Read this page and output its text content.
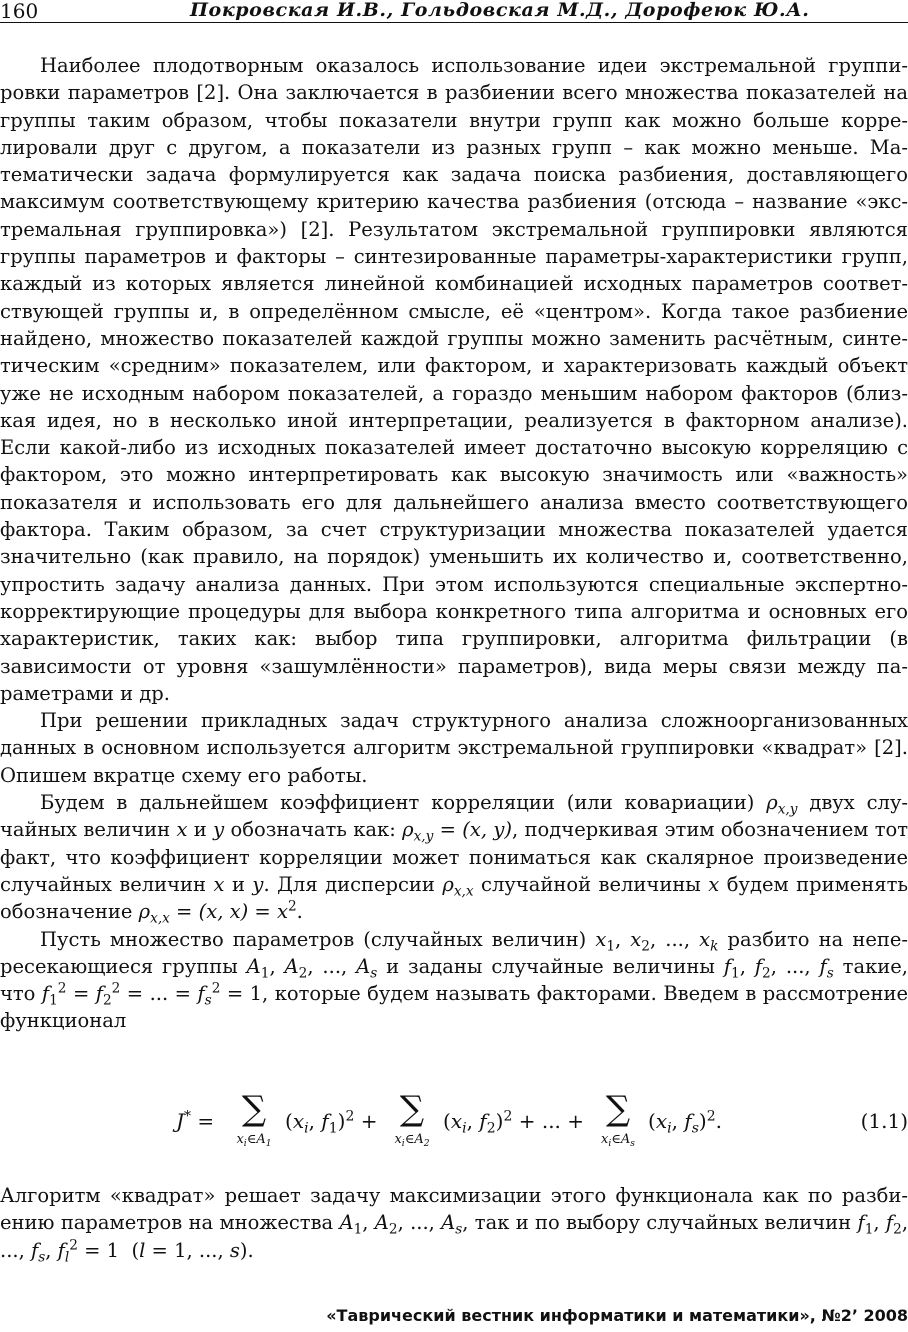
160	Покровская И.В., Гольдовская М.Д., Дорофеюк Ю.А.

Наиболее плодотворным оказалось использование идеи экстремальной группировки параметров [2]. Она заключается в разбиении всего множества показателей на группы таким образом, чтобы показатели внутри групп как можно больше коррелировали друг с другом, а показатели из разных групп – как можно меньше. Математически задача формулируется как задача поиска разбиения, доставляющего максимум соответствующему критерию качества разбиения (отсюда – название «экстремальная группировка») [2]. Результатом экстремальной группировки являются группы параметров и факторы – синтезированные параметры-характеристики групп, каждый из которых является линейной комбинацией исходных параметров соответствующей группы и, в определённом смысле, её «центром». Когда такое разбиение найдено, множество показателей каждой группы можно заменить расчётным, синтетическим «средним» показателем, или фактором, и характеризовать каждый объект уже не исходным набором показателей, а гораздо меньшим набором факторов (близкая идея, но в несколько иной интерпретации, реализуется в факторном анализе). Если какой-либо из исходных показателей имеет достаточно высокую корреляцию с фактором, это можно интерпретировать как высокую значимость или «важность» показателя и использовать его для дальнейшего анализа вместо соответствующего фактора. Таким образом, за счет структуризации множества показателей удается значительно (как правило, на порядок) уменьшить их количество и, соответственно, упростить задачу анализа данных. При этом используются специальные экспертно-корректирующие процедуры для выбора конкретного типа алгоритма и основных его характеристик, таких как: выбор типа группировки, алгоритма фильтрации (в зависимости от уровня «зашумлённости» параметров), вида меры связи между параметрами и др.

При решении прикладных задач структурного анализа сложноорганизованных данных в основном используется алгоритм экстремальной группировки «квадрат» [2]. Опишем вкратце схему его работы.

Будем в дальнейшем коэффициент корреляции (или ковариации) $\rho_{x,y}$ двух случайных величин x и y обозначать как: $\rho_{x,y} = (x$, y), подчеркивая этим обозначением тот факт, что коэффициент корреляции может пониматься как скалярное произведение случайных величин x и y. Для дисперсии $\rho_{x,x}$ случайной величины x будем применять обозначение $\rho_{x,x} = (x$, $x) = x^2$.

Пусть множество параметров (случайных величин) $x_1$, $x_2$, ..., $x_k$ разбито на непересекающиеся группы $A_1$, $A_2$, ..., $A_s$ и заданы случайные величины $f_1$, $f_2$, ..., $f_s$ такие, что $f_1^2 = f_2^2$ = ... = $f_s^2 = 1$, которые будем называть факторами. Введем в рассмотрение функционал

J* = ∑
$x_i\in A_1$
($x_i$, $f_1)^2$ + ∑
$x_i\in A_2$
($x_i$, $f_2)^2$ + ... + ∑
$x_i\in A_s$
($x_i$, $f_s)^2$.	(1.1)

Алгоритм «квадрат» решает задачу максимизации этого функционала как по разбиению параметров на множества $A_1$, $A_2$, ..., $A_s$, так и по выбору случайных величин $f_1$, $f_2$, ..., $f_s$, $f_l^2 = 1$  (l = 1, ..., s).

«Таврический вестник информатики и математики», №2’ 2008
